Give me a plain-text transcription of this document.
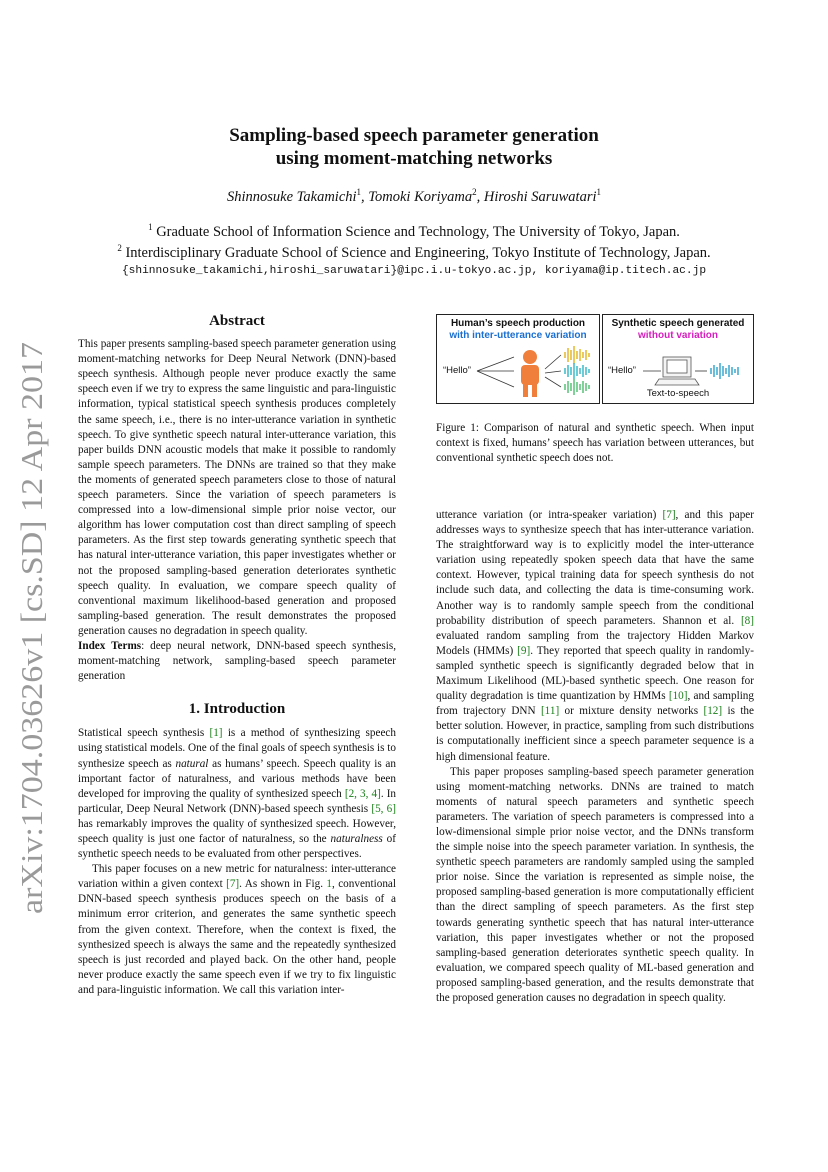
arXiv:1704.03626v1 [cs.SD] 12 Apr 2017
Sampling-based speech parameter generation
using moment-matching networks
Shinnosuke Takamichi$^1$, Tomoki Koriyama$^2$, Hiroshi Saruwatari$^1$
$^1$ Graduate School of Information Science and Technology, The University of Tokyo, Japan.
$^2$ Interdisciplinary Graduate School of Science and Engineering, Tokyo Institute of Technology, Japan.
{shinnosuke_takamichi,hiroshi_saruwatari}@ipc.i.u-tokyo.ac.jp, koriyama@ip.titech.ac.jp
Abstract

This paper presents sampling-based speech parameter generation using moment-matching networks for Deep Neural Network (DNN)-based speech synthesis. Although people never produce exactly the same speech even if we try to express the same linguistic and para-linguistic information, typical statistical speech synthesis produces completely the same speech, i.e., there is no inter-utterance variation in synthetic speech. To give synthetic speech natural inter-utterance variation, this paper builds DNN acoustic models that make it possible to randomly sample speech parameters. The DNNs are trained so that they make the moments of generated speech parameters close to those of natural speech parameters. Since the variation of speech parameters is compressed into a low-dimensional simple prior noise vector, our algorithm has lower computation cost than direct sampling of speech parameters. As the first step towards generating synthetic speech that has natural inter-utterance variation, this paper investigates whether or not the proposed sampling-based generation deteriorates synthetic speech quality. In evaluation, we compare speech quality of conventional maximum likelihood-based generation and proposed sampling-based generation. The result demonstrates the proposed generation causes no degradation in speech quality.

Index Terms: deep neural network, DNN-based speech synthesis, moment-matching network, sampling-based speech parameter generation

1. Introduction

Statistical speech synthesis [1] is a method of synthesizing speech using statistical models. One of the final goals of speech synthesis is to synthesize speech as natural as humans’ speech. Speech quality is an important factor of naturalness, and various methods have been developed for improving the quality of synthesized speech [2, 3, 4]. In particular, Deep Neural Network (DNN)-based speech synthesis [5, 6] has remarkably improves the quality of synthesized speech. However, speech quality is just one factor of naturalness, so the naturalness of synthetic speech needs to be evaluated from other perspectives.

This paper focuses on a new metric for naturalness: inter-utterance variation within a given context [7]. As shown in Fig. 1, conventional DNN-based speech synthesis produces speech on the basis of a minimum error criterion, and generates the same synthetic speech from the given context. Therefore, when the context is fixed, the synthesized speech is always the same and the repeatedly synthesized speech is just recorded and played back. On the other hand, people never produce exactly the same speech even if we try to fix linguistic and para-linguistic information. We call this variation inter-

Human’s speech production
with inter-utterance variation
“Hello”
Synthetic speech generated
without variation
“Hello”
Text-to-speech
Figure 1: Comparison of natural and synthetic speech. When input context is fixed, humans’ speech has variation between utterances, but conventional synthetic speech does not.

utterance variation (or intra-speaker variation) [7], and this paper addresses ways to synthesize speech that has inter-utterance variation. The straightforward way is to explicitly model the inter-utterance variation using repeatedly spoken speech data that have the same context. However, typical training data for speech synthesis do not include such data, and collecting the data is time-consuming work. Another way is to randomly sample speech from the conditional probability distribution of speech parameters. Shannon et al. [8] evaluated random sampling from the trajectory Hidden Markov Models (HMMs) [9]. They reported that speech quality in randomly-sampled synthetic speech is significantly degraded below that in Maximum Likelihood (ML)-based synthetic speech. One reason for quality degradation is time quantization by HMMs [10], and sampling from trajectory DNN [11] or mixture density networks [12] is the better solution. However, in practice, sampling from such distributions is computationally inefficient since a speech parameter sequence is a high dimensional feature.

This paper proposes sampling-based speech parameter generation using moment-matching networks. DNNs are trained to match moments of natural speech parameters and synthetic speech parameters. The variation of speech parameters is compressed into a low-dimensional simple prior noise vector, and the DNNs transform the simple noise into the speech parameter variation. In synthesis, the synthetic speech parameters are randomly sampled using the sampled prior noise. Since the variation is represented as simple noise, the proposed sampling-based generation is more computationally efficient than the direct sampling of speech parameters. As the first step towards generating synthetic speech that has natural inter-utterance variation, this paper investigates whether or not the proposed sampling-based generation deteriorates synthetic speech quality. In evaluation, we compared speech quality of ML-based generation and proposed sampling-based generation, and the results demonstrate that the proposed generation causes no degradation in speech quality.
